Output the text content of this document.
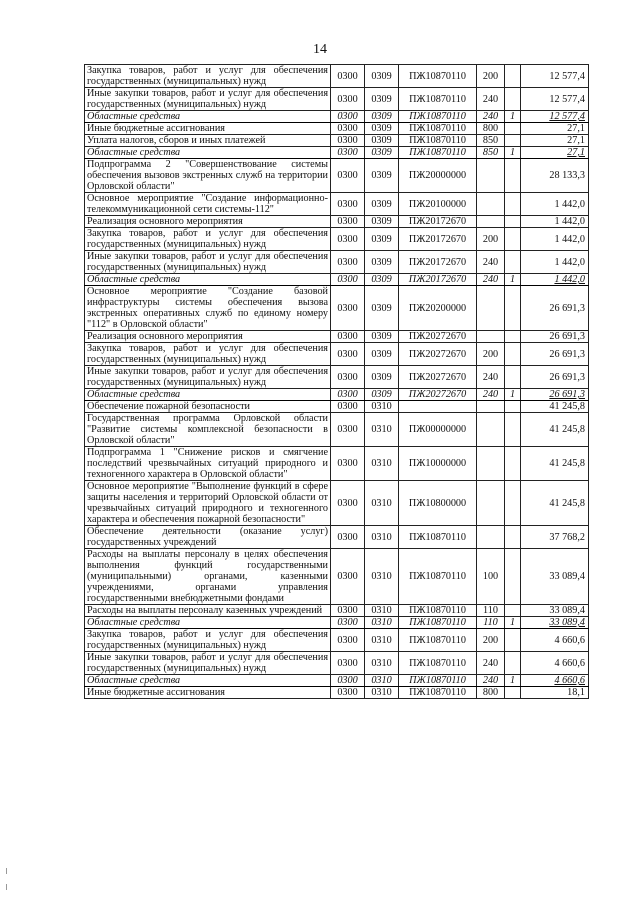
14
Закупка товаров, работ и услуг для обеспечения государственных (муниципальных) нужд	0300	0309	ПЖ10870110	200		12 577,4
Иные закупки товаров, работ и услуг для обеспечения государственных (муниципальных) нужд	0300	0309	ПЖ10870110	240		12 577,4
Областные средства	0300	0309	ПЖ10870110	240	1	12 577,4
Иные бюджетные ассигнования	0300	0309	ПЖ10870110	800		27,1
Уплата налогов, сборов и иных платежей	0300	0309	ПЖ10870110	850		27,1
Областные средства	0300	0309	ПЖ10870110	850	1	27,1
Подпрограмма 2 "Совершенствование системы обеспечения вызовов экстренных служб на территории Орловской области"	0300	0309	ПЖ20000000			28 133,3
Основное мероприятие "Создание информационно-телекоммуникационной сети системы-112"	0300	0309	ПЖ20100000			1 442,0
Реализация основного мероприятия	0300	0309	ПЖ20172670			1 442,0
Закупка товаров, работ и услуг для обеспечения государственных (муниципальных) нужд	0300	0309	ПЖ20172670	200		1 442,0
Иные закупки товаров, работ и услуг для обеспечения государственных (муниципальных) нужд	0300	0309	ПЖ20172670	240		1 442,0
Областные средства	0300	0309	ПЖ20172670	240	1	1 442,0
Основное мероприятие "Создание базовой инфраструктуры системы обеспечения вызова экстренных оперативных служб по единому номеру "112" в Орловской области"	0300	0309	ПЖ20200000			26 691,3
Реализация основного мероприятия	0300	0309	ПЖ20272670			26 691,3
Закупка товаров, работ и услуг для обеспечения государственных (муниципальных) нужд	0300	0309	ПЖ20272670	200		26 691,3
Иные закупки товаров, работ и услуг для обеспечения государственных (муниципальных) нужд	0300	0309	ПЖ20272670	240		26 691,3
Областные средства	0300	0309	ПЖ20272670	240	1	26 691,3
Обеспечение пожарной безопасности	0300	0310				41 245,8
Государственная программа Орловской области "Развитие системы комплексной безопасности в Орловской области"	0300	0310	ПЖ00000000			41 245,8
Подпрограмма 1 "Снижение рисков и смягчение последствий чрезвычайных ситуаций природного и техногенного характера в Орловской области"	0300	0310	ПЖ10000000			41 245,8
Основное мероприятие "Выполнение функций в сфере защиты населения и территорий Орловской области от чрезвычайных ситуаций природного и техногенного характера и обеспечения пожарной безопасности"	0300	0310	ПЖ10800000			41 245,8
Обеспечение деятельности (оказание услуг) государственных учреждений	0300	0310	ПЖ10870110			37 768,2
Расходы на выплаты персоналу в целях обеспечения выполнения функций государственными (муниципальными) органами, казенными учреждениями, органами управления государственными внебюджетными фондами	0300	0310	ПЖ10870110	100		33 089,4
Расходы на выплаты персоналу казенных учреждений	0300	0310	ПЖ10870110	110		33 089,4
Областные средства	0300	0310	ПЖ10870110	110	1	33 089,4
Закупка товаров, работ и услуг для обеспечения государственных (муниципальных) нужд	0300	0310	ПЖ10870110	200		4 660,6
Иные закупки товаров, работ и услуг для обеспечения государственных (муниципальных) нужд	0300	0310	ПЖ10870110	240		4 660,6
Областные средства	0300	0310	ПЖ10870110	240	1	4 660,6
Иные бюджетные ассигнования	0300	0310	ПЖ10870110	800		18,1
